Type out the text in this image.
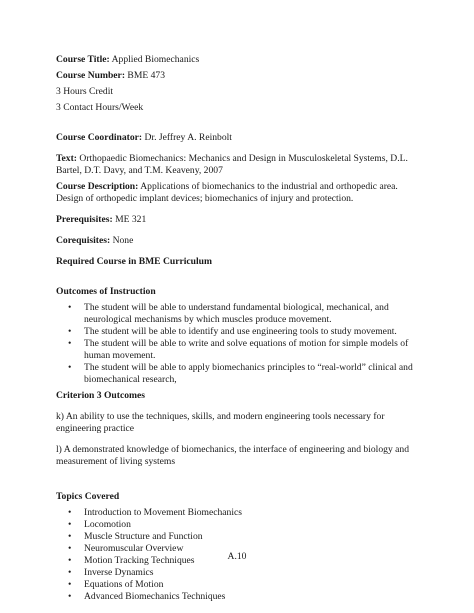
Course Title: Applied Biomechanics

Course Number: BME 473

3 Hours Credit

3 Contact Hours/Week

Course Coordinator: Dr. Jeffrey A. Reinbolt

Text: Orthopaedic Biomechanics: Mechanics and Design in Musculoskeletal Systems, D.L. Bartel, D.T. Davy, and T.M. Keaveny, 2007

Course Description: Applications of biomechanics to the industrial and orthopedic area. Design of orthopedic implant devices; biomechanics of injury and protection.

Prerequisites: ME 321

Corequisites: None

Required Course in BME Curriculum

Outcomes of Instruction

• The student will be able to understand fundamental biological, mechanical, and neurological mechanisms by which muscles produce movement.
• The student will be able to identify and use engineering tools to study movement.
• The student will be able to write and solve equations of motion for simple models of human movement.
• The student will be able to apply biomechanics principles to “real-world” clinical and biomechanical research,

Criterion 3 Outcomes

k) An ability to use the techniques, skills, and modern engineering tools necessary for engineering practice

l) A demonstrated knowledge of biomechanics, the interface of engineering and biology and measurement of living systems

Topics Covered

• Introduction to Movement Biomechanics
• Locomotion
• Muscle Structure and Function
• Neuromuscular Overview
• Motion Tracking Techniques
• Inverse Dynamics
• Equations of Motion
• Advanced Biomechanics Techniques
A.10
